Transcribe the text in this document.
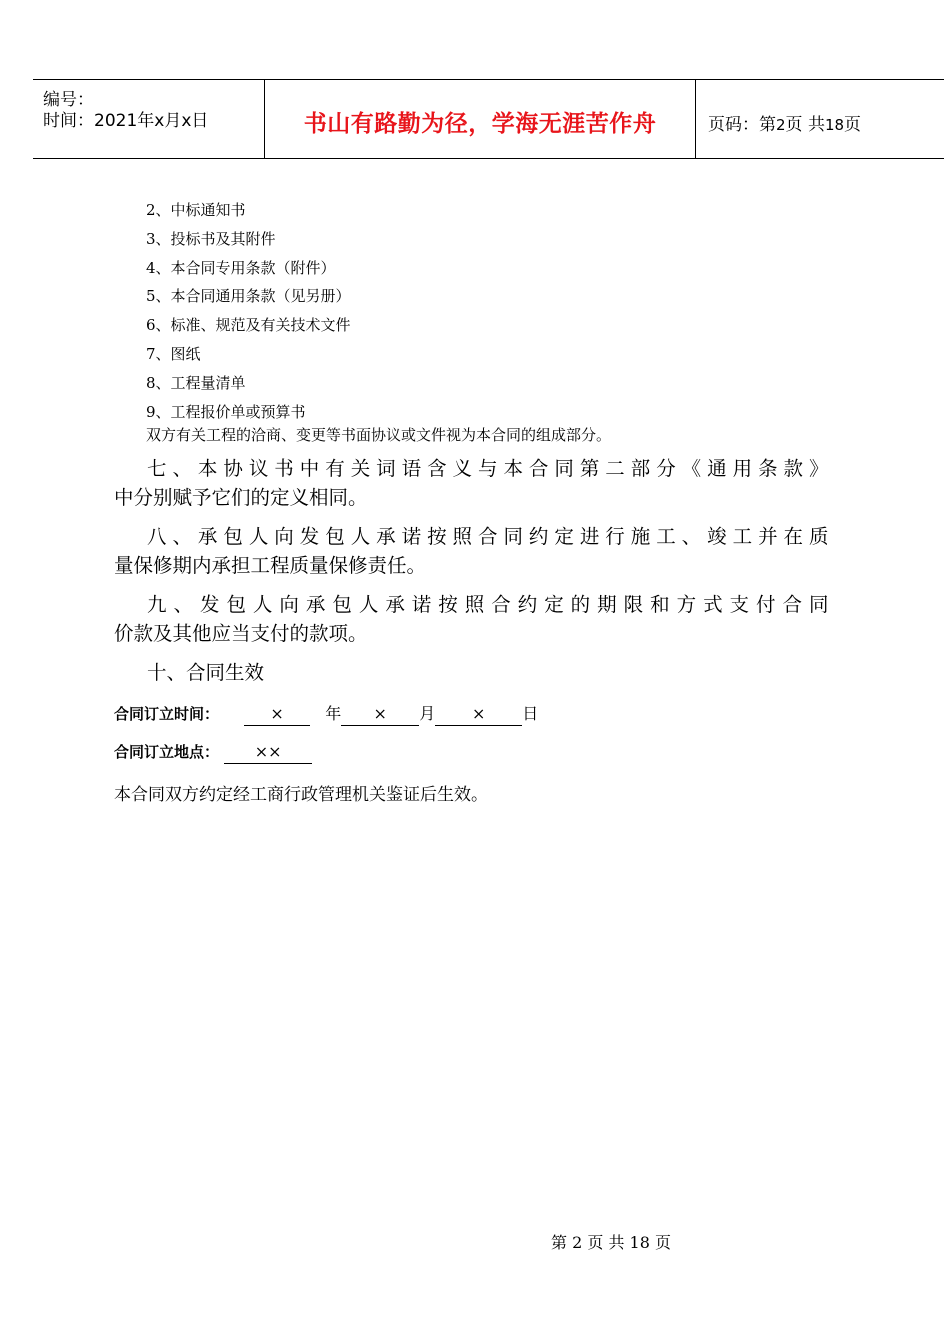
编号：
时间：2021年x月x日	书山有路勤为径，学海无涯苦作舟	页码：第2页 共18页
2、中标通知书
3、投标书及其附件
4、本合同专用条款（附件）
5、本合同通用条款（见另册）
6、标准、规范及有关技术文件
7、图纸
8、工程量清单
9、工程报价单或预算书
双方有关工程的洽商、变更等书面协议或文件视为本合同的组成部分。
七、本协议书中有关词语含义与本合同第二部分《通用条款》
中分别赋予它们的定义相同。
八、承包人向发包人承诺按照合同约定进行施工、竣工并在质
量保修期内承担工程质量保修责任。
九、发包人向承包人承诺按照合约定的期限和方式支付合同
价款及其他应当支付的款项。
十、合同生效
合同订立时间：	×	年 × 月 × 日
合同订立地点： ××
本合同双方约定经工商行政管理机关鉴证后生效。
第 2 页 共 18 页
